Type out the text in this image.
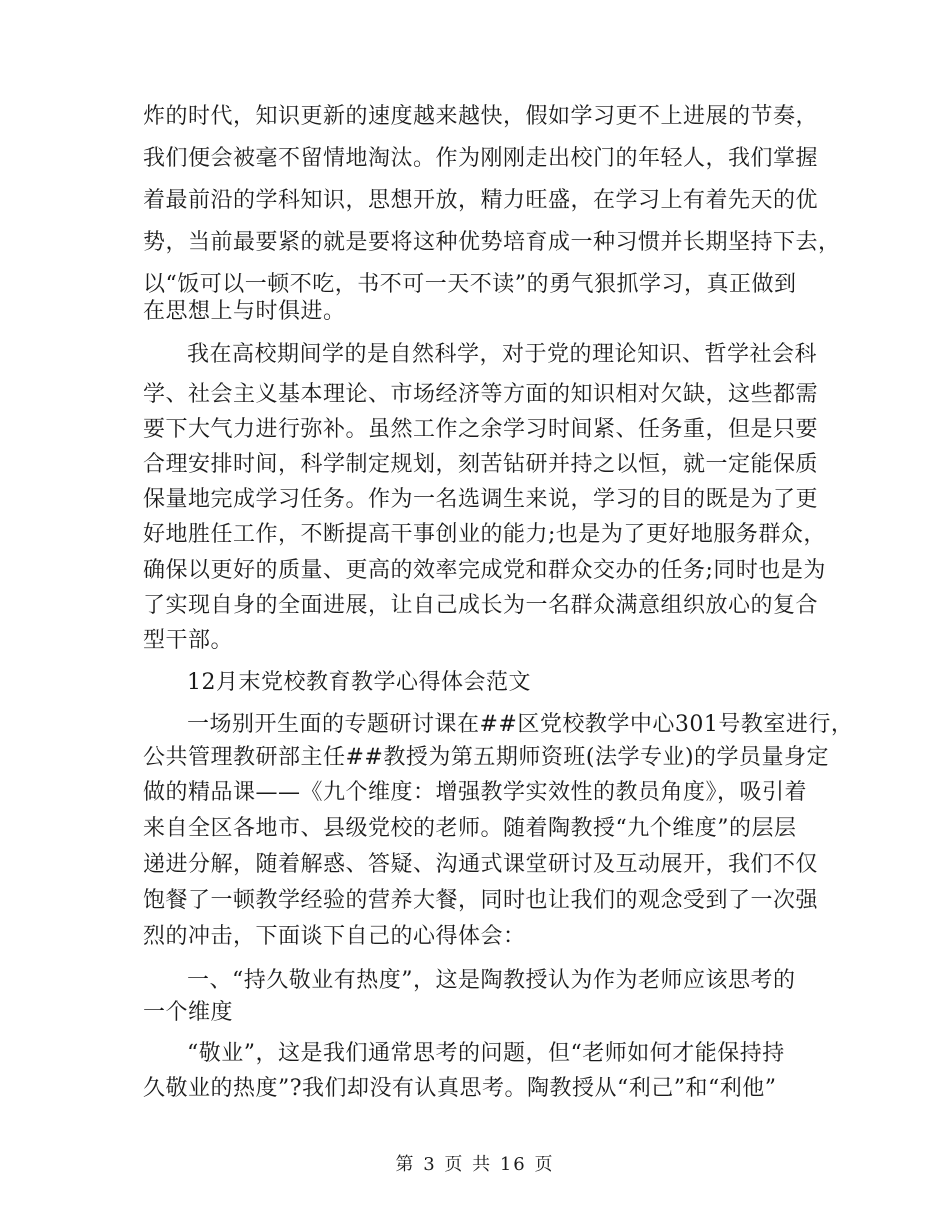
炸的时代，知识更新的速度越来越快，假如学习更不上进展的节奏，
我们便会被毫不留情地淘汰。作为刚刚走出校门的年轻人，我们掌握
着最前沿的学科知识，思想开放，精力旺盛，在学习上有着先天的优
势，当前最要紧的就是要将这种优势培育成一种习惯并长期坚持下去，
以“饭可以一顿不吃，书不可一天不读”的勇气狠抓学习，真正做到
在思想上与时俱进。
我在高校期间学的是自然科学，对于党的理论知识、哲学社会科
学、社会主义基本理论、市场经济等方面的知识相对欠缺，这些都需
要下大气力进行弥补。虽然工作之余学习时间紧、任务重，但是只要
合理安排时间，科学制定规划，刻苦钻研并持之以恒，就一定能保质
保量地完成学习任务。作为一名选调生来说，学习的目的既是为了更
好地胜任工作，不断提高干事创业的能力;也是为了更好地服务群众，
确保以更好的质量、更高的效率完成党和群众交办的任务;同时也是为
了实现自身的全面进展，让自己成长为一名群众满意组织放心的复合
型干部。
12月末党校教育教学心得体会范文
一场别开生面的专题研讨课在##区党校教学中心301号教室进行，
公共管理教研部主任##教授为第五期师资班(法学专业)的学员量身定
做的精品课——《九个维度：增强教学实效性的教员角度》，吸引着
来自全区各地市、县级党校的老师。随着陶教授“九个维度”的层层
递进分解，随着解惑、答疑、沟通式课堂研讨及互动展开，我们不仅
饱餐了一顿教学经验的营养大餐，同时也让我们的观念受到了一次强
烈的冲击，下面谈下自己的心得体会：
一、“持久敬业有热度”，这是陶教授认为作为老师应该思考的
一个维度
“敬业”，这是我们通常思考的问题，但“老师如何才能保持持
久敬业的热度”?我们却没有认真思考。陶教授从“利己”和“利他”
第 3 页 共 16 页
